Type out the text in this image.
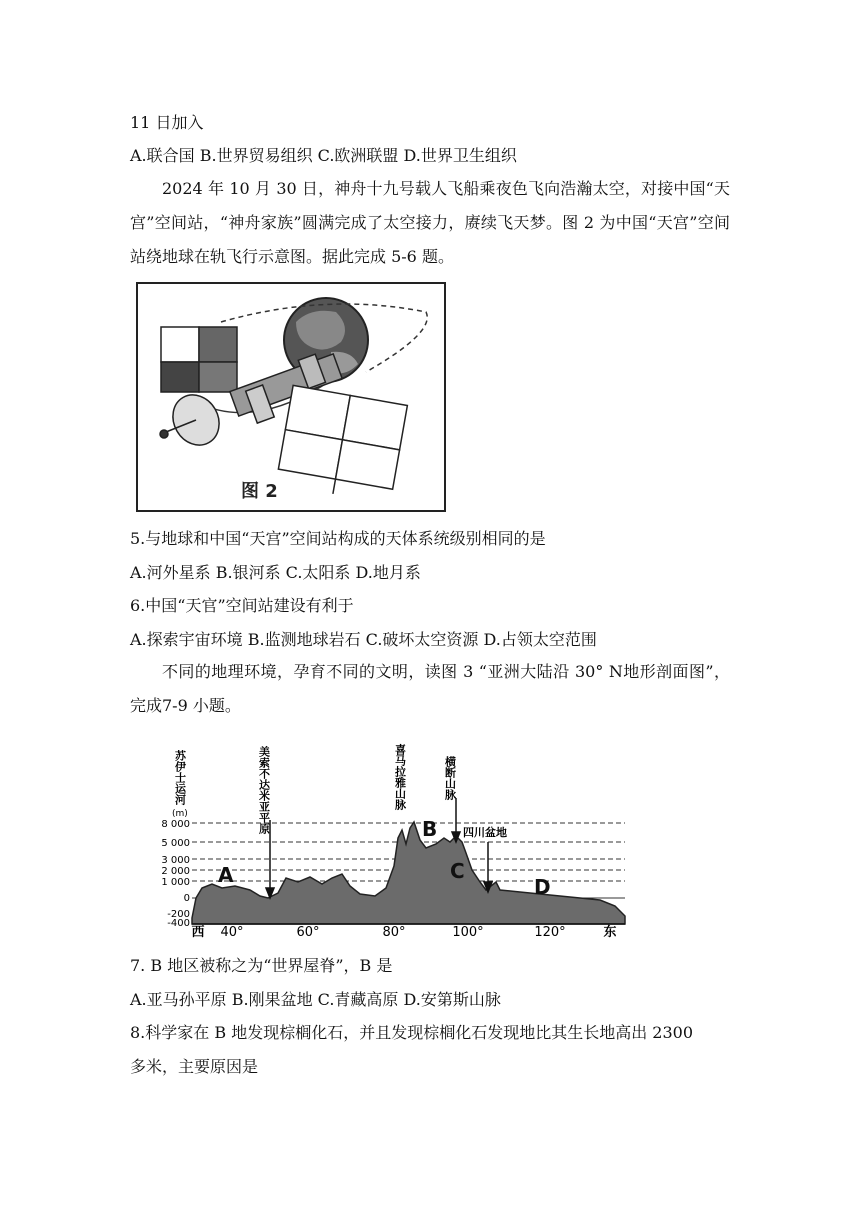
11 日加入
A.联合国 B.世界贸易组织 C.欧洲联盟 D.世界卫生组织
2024 年 10 月 30 日，神舟十九号载人飞船乘夜色飞向浩瀚太空，对接中国“天宫”空间站，“神舟家族”圆满完成了太空接力，赓续飞天梦。图 2 为中国“天宫”空间站绕地球在轨飞行示意图。据此完成 5-6 题。
图 2
5.与地球和中国“天宫”空间站构成的天体系统级别相同的是
A.河外星系 B.银河系 C.太阳系 D.地月系
6.中国“天官”空间站建设有利于
A.探索宇宙环境 B.监测地球岩石 C.破坏太空资源 D.占领太空范围
不同的地理环境，孕育不同的文明，读图 3 “亚洲大陆沿 30° N地形剖面图”，完成7-9 小题。
苏伊士运河	美索不达米亚平原	喜马拉雅山脉	横断山脉
四川盆地
(m)
8 000
5 000
3 000
2 000
1 000
0
-200
-400
A
B
C
D
西 40°	60°	80°	100°	120°	东
7. B 地区被称之为“世界屋脊”，B 是
A.亚马孙平原 B.刚果盆地 C.青藏高原 D.安第斯山脉
8.科学家在 B 地发现棕榈化石，并且发现棕榈化石发现地比其生长地高出 2300
多米，主要原因是
